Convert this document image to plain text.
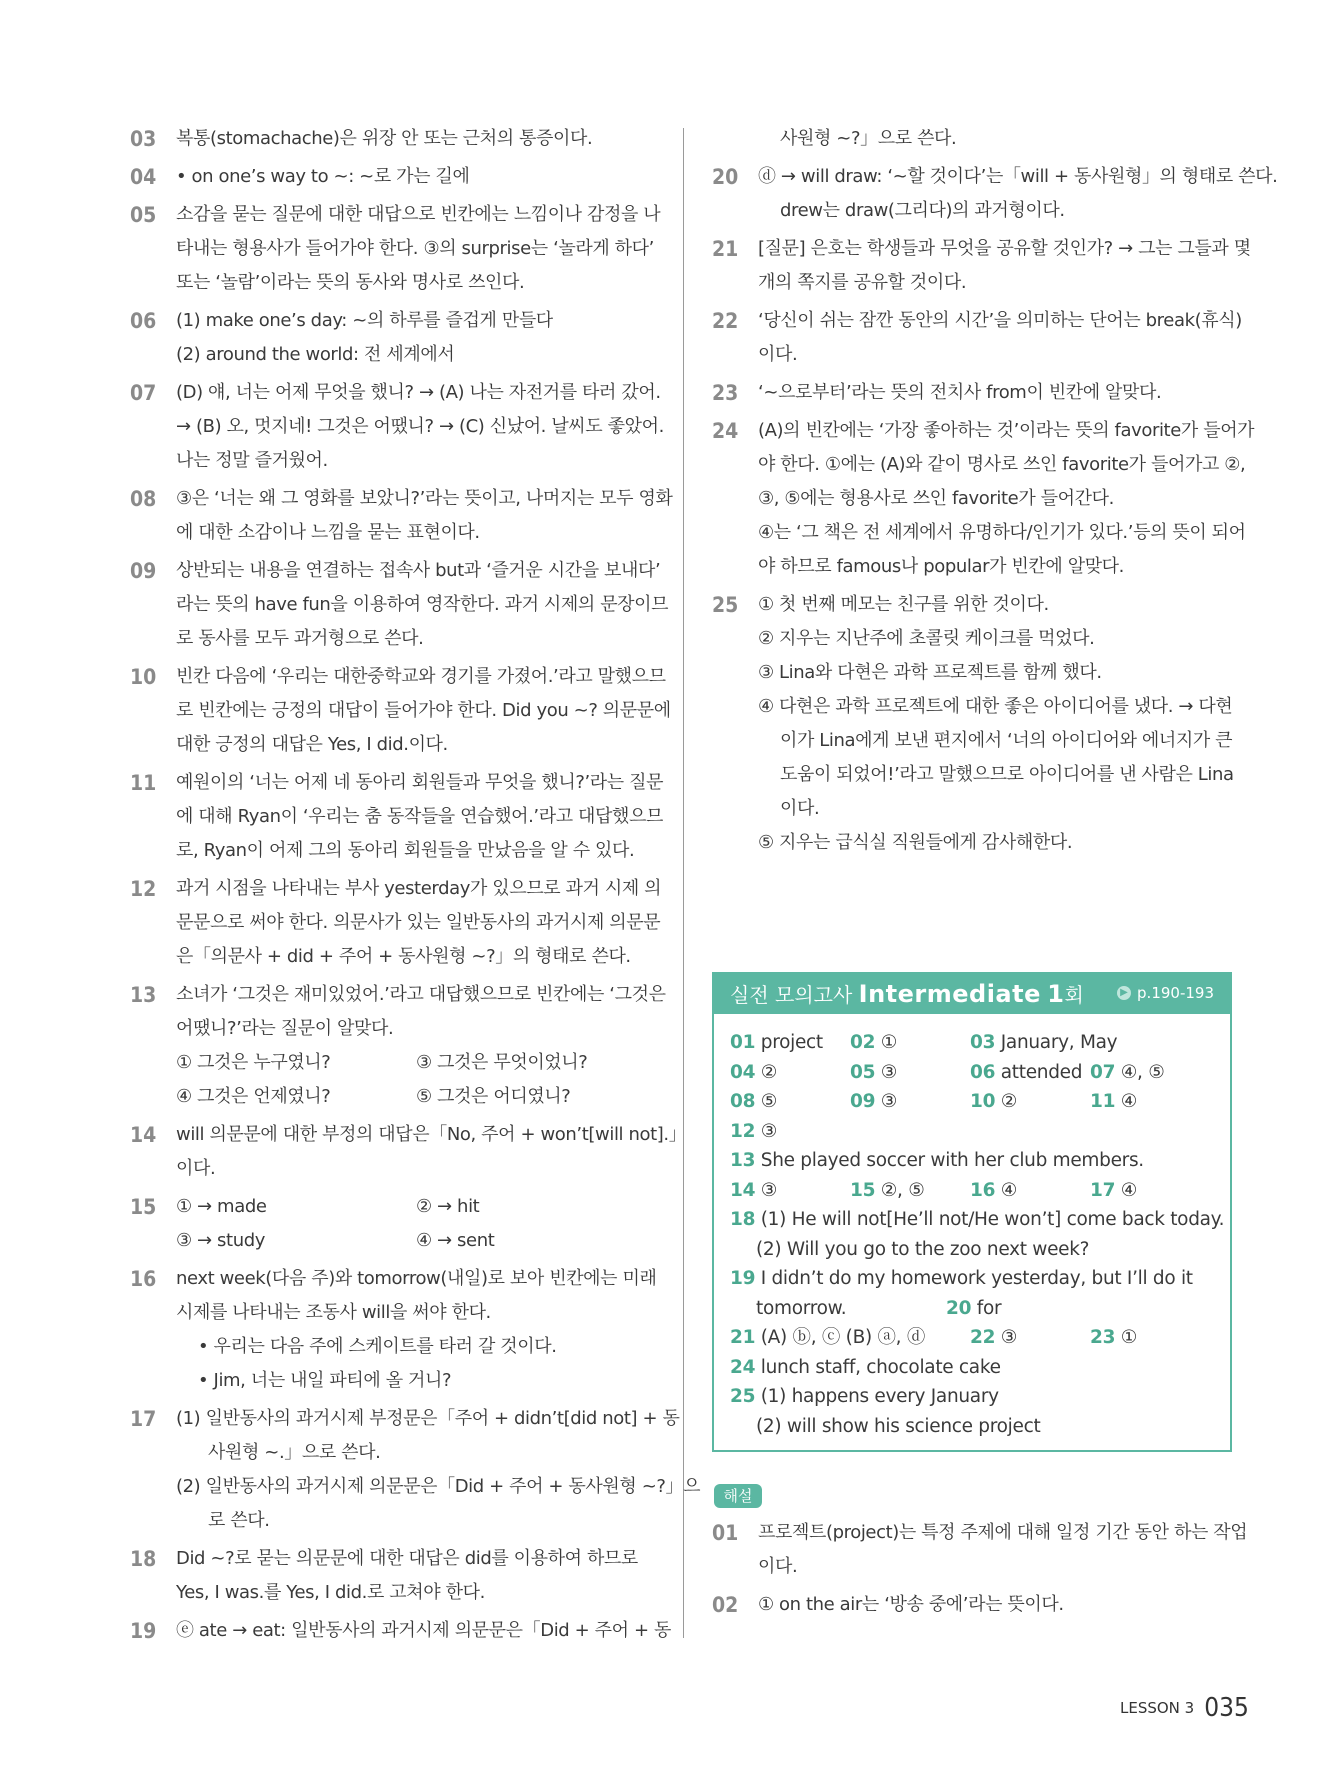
03	복통(stomachache)은 위장 안 또는 근처의 통증이다.
04	• on one’s way to ~: ~로 가는 길에
05	소감을 묻는 질문에 대한 대답으로 빈칸에는 느낌이나 감정을 나
타내는 형용사가 들어가야 한다. ③의 surprise는 ‘놀라게 하다’
또는 ‘놀람’이라는 뜻의 동사와 명사로 쓰인다.
06	(1) make one’s day: ~의 하루를 즐겁게 만들다
(2) around the world: 전 세계에서
07	(D) 얘, 너는 어제 무엇을 했니? → (A) 나는 자전거를 타러 갔어.
→ (B) 오, 멋지네! 그것은 어땠니? → (C) 신났어. 날씨도 좋았어.
나는 정말 즐거웠어.
08	③은 ‘너는 왜 그 영화를 보았니?’라는 뜻이고, 나머지는 모두 영화
에 대한 소감이나 느낌을 묻는 표현이다.
09	상반되는 내용을 연결하는 접속사 but과 ‘즐거운 시간을 보내다’
라는 뜻의 have fun을 이용하여 영작한다. 과거 시제의 문장이므
로 동사를 모두 과거형으로 쓴다.
10	빈칸 다음에 ‘우리는 대한중학교와 경기를 가졌어.’라고 말했으므
로 빈칸에는 긍정의 대답이 들어가야 한다. Did you ~? 의문문에
대한 긍정의 대답은 Yes, I did.이다.
11	예원이의 ‘너는 어제 네 동아리 회원들과 무엇을 했니?’라는 질문
에 대해 Ryan이 ‘우리는 춤 동작들을 연습했어.’라고 대답했으므
로, Ryan이 어제 그의 동아리 회원들을 만났음을 알 수 있다.
12	과거 시점을 나타내는 부사 yesterday가 있으므로 과거 시제 의
문문으로 써야 한다. 의문사가 있는 일반동사의 과거시제 의문문
은「의문사 + did + 주어 + 동사원형 ~?」의 형태로 쓴다.
13	소녀가 ‘그것은 재미있었어.’라고 대답했으므로 빈칸에는 ‘그것은
어땠니?’라는 질문이 알맞다.
① 그것은 누구였니?	③ 그것은 무엇이었니?
④ 그것은 언제였니?	⑤ 그것은 어디였니?
14	will 의문문에 대한 부정의 대답은「No, 주어 + won’t[will not].」
이다.
15	① → made	② → hit
③ → study	④ → sent
16	next week(다음 주)와 tomorrow(내일)로 보아 빈칸에는 미래
시제를 나타내는 조동사 will을 써야 한다.
• 우리는 다음 주에 스케이트를 타러 갈 것이다.
• Jim, 너는 내일 파티에 올 거니?
17	(1) 일반동사의 과거시제 부정문은「주어 + didn’t[did not] + 동
사원형 ~.」으로 쓴다.
(2) 일반동사의 과거시제 의문문은「Did + 주어 + 동사원형 ~?」으
로 쓴다.
18	Did ~?로 묻는 의문문에 대한 대답은 did를 이용하여 하므로
Yes, I was.를 Yes, I did.로 고쳐야 한다.
19	ⓔ ate → eat: 일반동사의 과거시제 의문문은「Did + 주어 + 동
사원형 ~?」으로 쓴다.
20	ⓓ → will draw: ‘~할 것이다’는「will + 동사원형」의 형태로 쓴다.
drew는 draw(그리다)의 과거형이다.
21	[질문] 은호는 학생들과 무엇을 공유할 것인가? → 그는 그들과 몇
개의 쪽지를 공유할 것이다.
22	‘당신이 쉬는 잠깐 동안의 시간’을 의미하는 단어는 break(휴식)
이다.
23	‘~으로부터’라는 뜻의 전치사 from이 빈칸에 알맞다.
24	(A)의 빈칸에는 ‘가장 좋아하는 것’이라는 뜻의 favorite가 들어가
야 한다. ①에는 (A)와 같이 명사로 쓰인 favorite가 들어가고 ②,
③, ⑤에는 형용사로 쓰인 favorite가 들어간다.
④는 ‘그 책은 전 세계에서 유명하다/인기가 있다.’등의 뜻이 되어
야 하므로 famous나 popular가 빈칸에 알맞다.
25	① 첫 번째 메모는 친구를 위한 것이다.
② 지우는 지난주에 초콜릿 케이크를 먹었다.
③ Lina와 다현은 과학 프로젝트를 함께 했다.
④ 다현은 과학 프로젝트에 대한 좋은 아이디어를 냈다. → 다현
이가 Lina에게 보낸 편지에서 ‘너의 아이디어와 에너지가 큰
도움이 되었어!’라고 말했으므로 아이디어를 낸 사람은 Lina
이다.
⑤ 지우는 급식실 직원들에게 감사해한다.
실전 모의고사 Intermediate 1회	▶ p.190-193
01 project	02 ①	03 January, May
04 ②	05 ③	06 attended 07 ④, ⑤
08 ⑤	09 ③	10 ②	11 ④
12 ③
13 She played soccer with her club members.
14 ③	15 ②, ⑤	16 ④	17 ④
18 (1) He will not[He’ll not/He won’t] come back today.
(2) Will you go to the zoo next week?
19 I didn’t do my homework yesterday, but I’ll do it
tomorrow.	20 for
21 (A) ⓑ, ⓒ (B) ⓐ, ⓓ	22 ③	23 ①
24 lunch staff, chocolate cake
25 (1) happens every January
(2) will show his science project
해설
01	프로젝트(project)는 특정 주제에 대해 일정 기간 동안 하는 작업
이다.
02	① on the air는 ‘방송 중에’라는 뜻이다.
LESSON 3 035
